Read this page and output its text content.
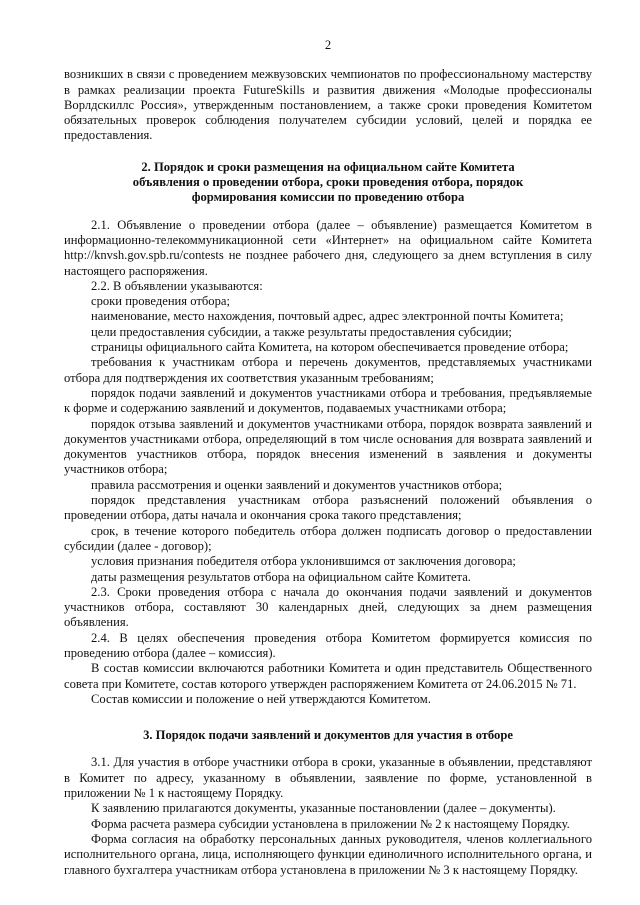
2

возникших в связи с проведением межвузовских чемпионатов по профессиональному мастерству в рамках реализации проекта FutureSkills и развития движения «Молодые профессионалы Ворлдскиллс Россия», утвержденным постановлением, а также сроки проведения Комитетом обязательных проверок соблюдения получателем субсидии условий, целей и порядка ее предоставления.

2. Порядок и сроки размещения на официальном сайте Комитета

объявления о проведении отбора, сроки проведения отбора, порядок

формирования комиссии по проведению отбора

2.1. Объявление о проведении отбора (далее – объявление) размещается Комитетом в информационно-телекоммуникационной сети «Интернет» на официальном сайте Комитета http://knvsh.gov.spb.ru/contests не позднее рабочего дня, следующего за днем вступления в силу настоящего распоряжения.

2.2. В объявлении указываются:

сроки проведения отбора;

наименование, место нахождения, почтовый адрес, адрес электронной почты Комитета;

цели предоставления субсидии, а также результаты предоставления субсидии;

страницы официального сайта Комитета, на котором обеспечивается проведение отбора;

требования к участникам отбора и перечень документов, представляемых участниками отбора для подтверждения их соответствия указанным требованиям;

порядок подачи заявлений и документов участниками отбора и требования, предъявляемые к форме и содержанию заявлений и документов, подаваемых участниками отбора;

порядок отзыва заявлений и документов участниками отбора, порядок возврата заявлений и документов участниками отбора, определяющий в том числе основания для возврата заявлений и документов участников отбора, порядок внесения изменений в заявления и документы участников отбора;

правила рассмотрения и оценки заявлений и документов участников отбора;

порядок представления участникам отбора разъяснений положений объявления о проведении отбора, даты начала и окончания срока такого представления;

срок, в течение которого победитель отбора должен подписать договор о предоставлении субсидии (далее - договор);

условия признания победителя отбора уклонившимся от заключения договора;

даты размещения результатов отбора на официальном сайте Комитета.

2.3. Сроки проведения отбора с начала до окончания подачи заявлений и документов участников отбора, составляют 30 календарных дней, следующих за днем размещения объявления.

2.4. В целях обеспечения проведения отбора Комитетом формируется комиссия по проведению отбора (далее – комиссия).

В состав комиссии включаются работники Комитета и один представитель Общественного совета при Комитете, состав которого утвержден распоряжением Комитета от 24.06.2015 № 71.

Состав комиссии и положение о ней утверждаются Комитетом.

3. Порядок подачи заявлений и документов для участия в отборе

3.1. Для участия в отборе участники отбора в сроки, указанные в объявлении, представляют в Комитет по адресу, указанному в объявлении, заявление по форме, установленной в приложении № 1 к настоящему Порядку.

К заявлению прилагаются документы, указанные постановлении (далее – документы).

Форма расчета размера субсидии установлена в приложении № 2 к настоящему Порядку.

Форма согласия на обработку персональных данных руководителя, членов коллегиального исполнительного органа, лица, исполняющего функции единоличного исполнительного органа, и главного бухгалтера участникам отбора установлена в приложении № 3 к настоящему Порядку.
